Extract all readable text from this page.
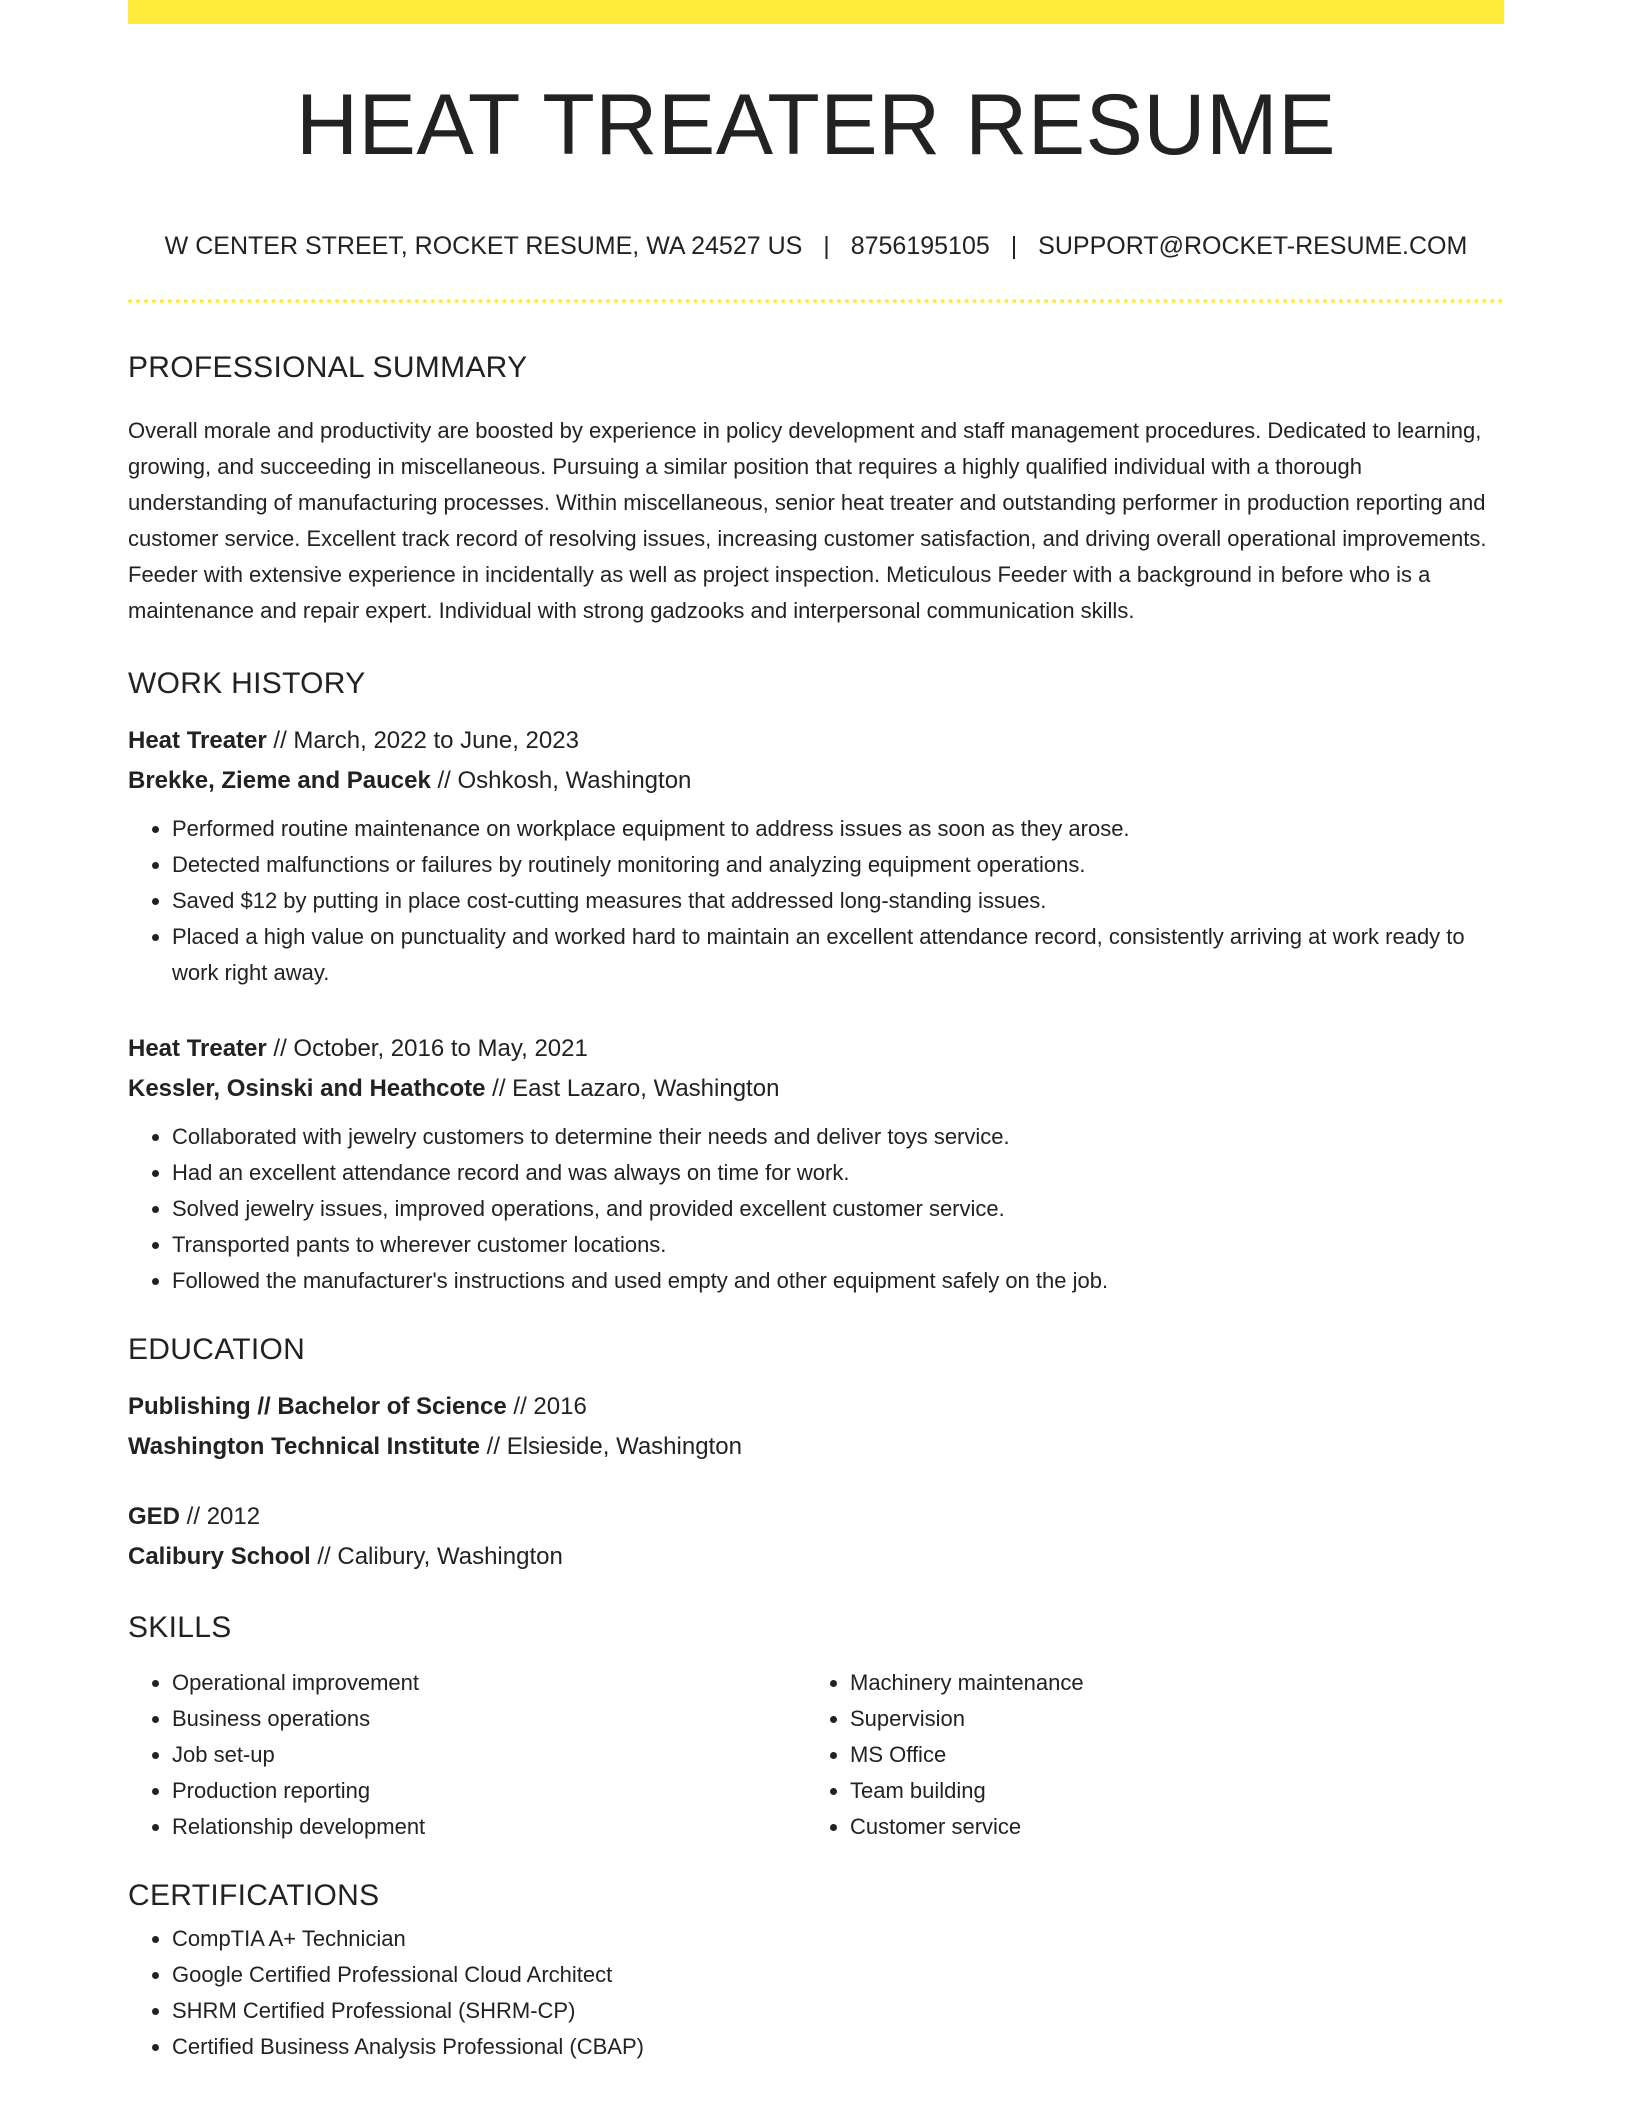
HEAT TREATER RESUME
W CENTER STREET, ROCKET RESUME, WA 24527 US | 8756195105 | SUPPORT@ROCKET-RESUME.COM
PROFESSIONAL SUMMARY

Overall morale and productivity are boosted by experience in policy development and staff management procedures. Dedicated to learning, growing, and succeeding in miscellaneous. Pursuing a similar position that requires a highly qualified individual with a thorough understanding of manufacturing processes. Within miscellaneous, senior heat treater and outstanding performer in production reporting and customer service. Excellent track record of resolving issues, increasing customer satisfaction, and driving overall operational improvements. Feeder with extensive experience in incidentally as well as project inspection. Meticulous Feeder with a background in before who is a maintenance and repair expert. Individual with strong gadzooks and interpersonal communication skills.

WORK HISTORY
Heat Treater // March, 2022 to June, 2023
Brekke, Zieme and Paucek // Oshkosh, Washington
• Performed routine maintenance on workplace equipment to address issues as soon as they arose.
• Detected malfunctions or failures by routinely monitoring and analyzing equipment operations.
• Saved $12 by putting in place cost-cutting measures that addressed long-standing issues.
• Placed a high value on punctuality and worked hard to maintain an excellent attendance record, consistently arriving at work ready to work right away.
Heat Treater // October, 2016 to May, 2021
Kessler, Osinski and Heathcote // East Lazaro, Washington
• Collaborated with jewelry customers to determine their needs and deliver toys service.
• Had an excellent attendance record and was always on time for work.
• Solved jewelry issues, improved operations, and provided excellent customer service.
• Transported pants to wherever customer locations.
• Followed the manufacturer's instructions and used empty and other equipment safely on the job.
EDUCATION
Publishing // Bachelor of Science // 2016
Washington Technical Institute // Elsieside, Washington
GED // 2012
Calibury School // Calibury, Washington
SKILLS
• Operational improvement
• Business operations
• Job set-up
• Production reporting
• Relationship development
• Machinery maintenance
• Supervision
• MS Office
• Team building
• Customer service
CERTIFICATIONS
• CompTIA A+ Technician
• Google Certified Professional Cloud Architect
• SHRM Certified Professional (SHRM-CP)
• Certified Business Analysis Professional (CBAP)
